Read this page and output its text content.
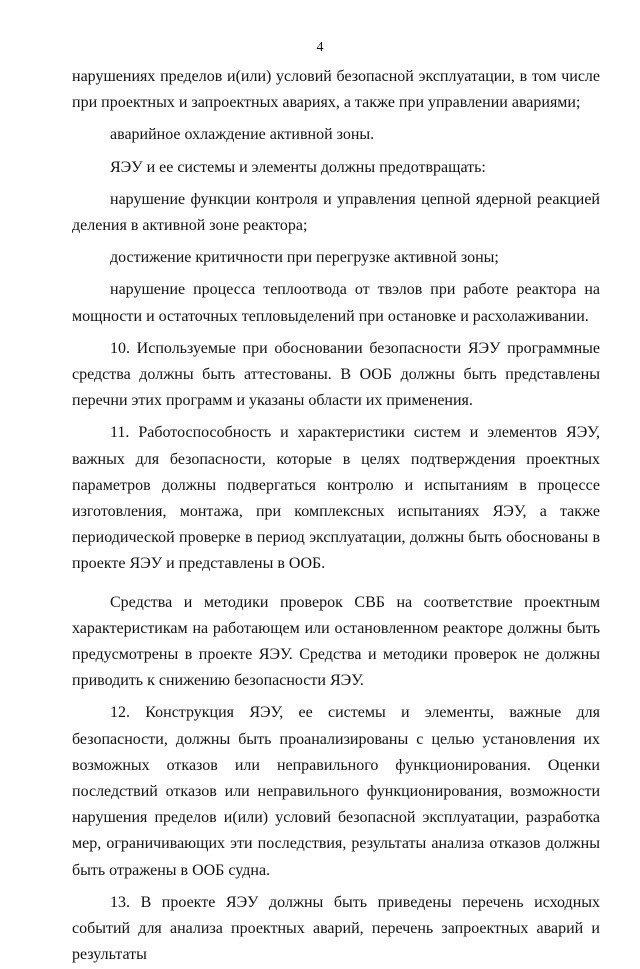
4

нарушениях пределов и(или) условий безопасной эксплуатации, в том числе при проектных и запроектных авариях, а также при управлении авариями;

аварийное охлаждение активной зоны.

ЯЭУ и ее системы и элементы должны предотвращать:

нарушение функции контроля и управления цепной ядерной реакцией деления в активной зоне реактора;

достижение критичности при перегрузке активной зоны;

нарушение процесса теплоотвода от твэлов при работе реактора на мощности и остаточных тепловыделений при остановке и расхолаживании.

10. Используемые при обосновании безопасности ЯЭУ программные средства должны быть аттестованы. В ООБ должны быть представлены перечни этих программ и указаны области их применения.

11. Работоспособность и характеристики систем и элементов ЯЭУ, важных для безопасности, которые в целях подтверждения проектных параметров должны подвергаться контролю и испытаниям в процессе изготовления, монтажа, при комплексных испытаниях ЯЭУ, а также периодической проверке в период эксплуатации, должны быть обоснованы в проекте ЯЭУ и представлены в ООБ.

Средства и методики проверок СВБ на соответствие проектным характеристикам на работающем или остановленном реакторе должны быть предусмотрены в проекте ЯЭУ. Средства и методики проверок не должны приводить к снижению безопасности ЯЭУ.

12. Конструкция ЯЭУ, ее системы и элементы, важные для безопасности, должны быть проанализированы с целью установления их возможных отказов или неправильного функционирования. Оценки последствий отказов или неправильного функционирования, возможности нарушения пределов и(или) условий безопасной эксплуатации, разработка мер, ограничивающих эти последствия, результаты анализа отказов должны быть отражены в ООБ судна.

13. В проекте ЯЭУ должны быть приведены перечень исходных событий для анализа проектных аварий, перечень запроектных аварий и результаты
